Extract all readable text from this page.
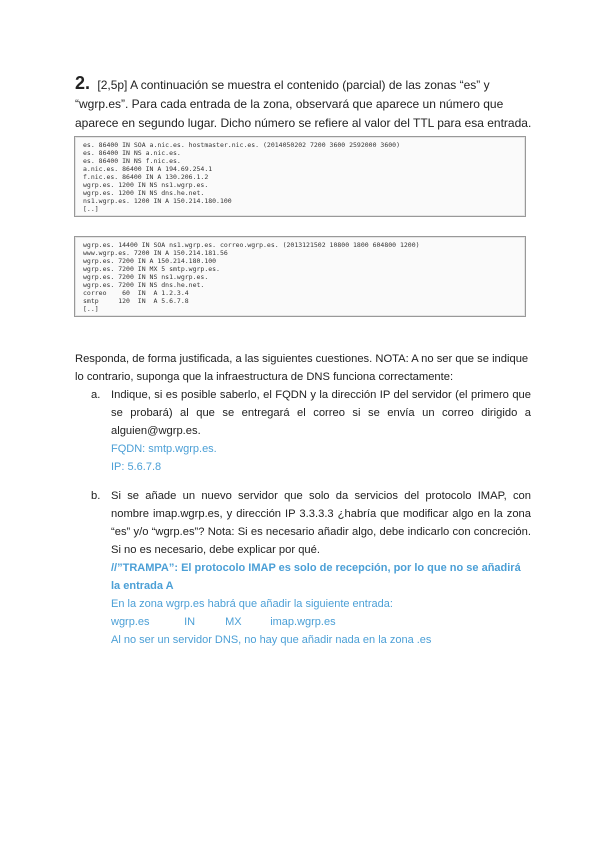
2. [2,5p] A continuación se muestra el contenido (parcial) de las zonas “es” y “wgrp.es”. Para cada entrada de la zona, observará que aparece un número que aparece en segundo lugar. Dicho número se refiere al valor del TTL para esa entrada.
es. 86400 IN SOA a.nic.es. hostmaster.nic.es. (2014050202 7200 3600 2592000 3600)
es. 86400 IN NS a.nic.es.
es. 86400 IN NS f.nic.es.
a.nic.es. 86400 IN A 194.69.254.1
f.nic.es. 86400 IN A 130.206.1.2
wgrp.es. 1200 IN NS ns1.wgrp.es.
wgrp.es. 1200 IN NS dns.he.net.
ns1.wgrp.es. 1200 IN A 150.214.180.100
[..]
wgrp.es. 14400 IN SOA ns1.wgrp.es. correo.wgrp.es. (2013121502 10800 1800 604800 1200)
www.wgrp.es. 7200 IN A 150.214.181.56
wgrp.es. 7200 IN A 150.214.180.100
wgrp.es. 7200 IN MX 5 smtp.wgrp.es.
wgrp.es. 7200 IN NS ns1.wgrp.es.
wgrp.es. 7200 IN NS dns.he.net.
correo    60  IN  A 1.2.3.4
smtp     120  IN  A 5.6.7.8
[..]
Responda, de forma justificada, a las siguientes cuestiones. NOTA: A no ser que se indique lo contrario, suponga que la infraestructura de DNS funciona correctamente:
a. Indique, si es posible saberlo, el FQDN y la dirección IP del servidor (el primero que se probará) al que se entregará el correo si se envía un correo dirigido a alguien@wgrp.es.
FQDN: smtp.wgrp.es.
IP: 5.6.7.8
b. Si se añade un nuevo servidor que solo da servicios del protocolo IMAP, con nombre imap.wgrp.es, y dirección IP 3.3.3.3 ¿habría que modificar algo en la zona “es” y/o “wgrp.es”? Nota: Si es necesario añadir algo, debe indicarlo con concreción. Si no es necesario, debe explicar por qué.
//”TRAMPA”: El protocolo IMAP es solo de recepción, por lo que no se añadirá la entrada A
En la zona wgrp.es habrá que añadir la siguiente entrada:
wgrp.es	IN	MX	imap.wgrp.es
Al no ser un servidor DNS, no hay que añadir nada en la zona .es
